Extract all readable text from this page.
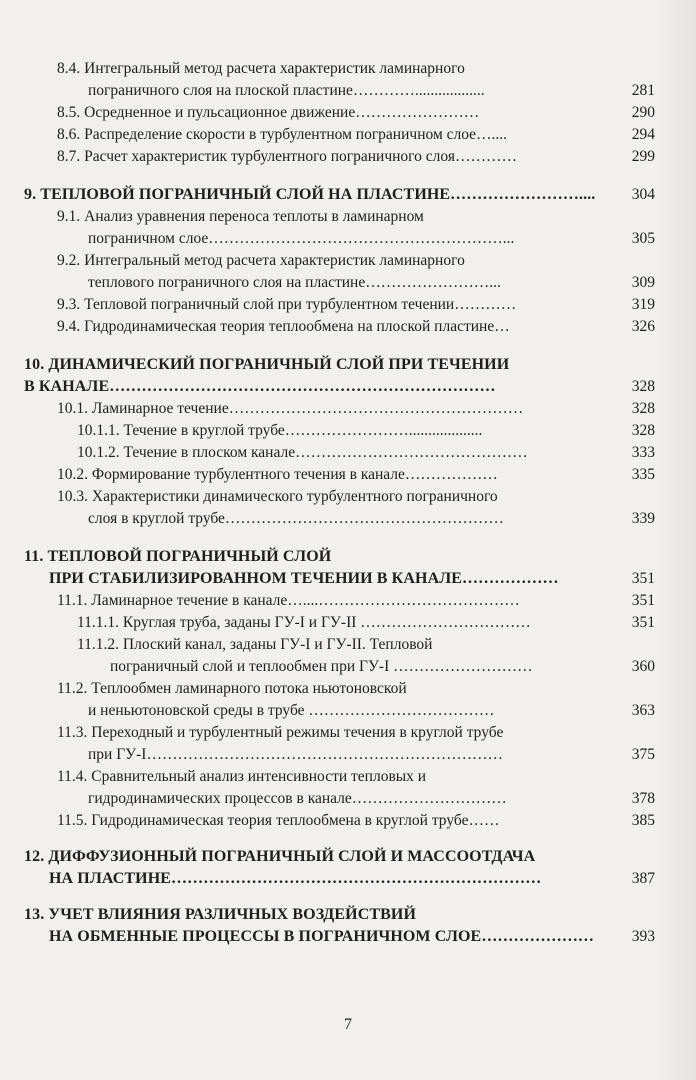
8.4. Интегральный метод расчета характеристик ламинарного
пограничного слоя на плоской пластине…………..................	281
8.5. Осредненное и пульсационное движение……………………	290
8.6. Распределение скорости в турбулентном пограничном слое…....	294
8.7. Расчет характеристик турбулентного пограничного слоя…………	299
9. ТЕПЛОВОЙ ПОГРАНИЧНЫЙ СЛОЙ НА ПЛАСТИНЕ……………………....	304
9.1. Анализ уравнения переноса теплоты в ламинарном
пограничном слое…………………………………………………...	305
9.2. Интегральный метод расчета характеристик ламинарного
теплового пограничного слоя на пластине……………………...	309
9.3. Тепловой пограничный слой при турбулентном течении…………	319
9.4. Гидродинамическая теория теплообмена на плоской пластине…	326
10. ДИНАМИЧЕСКИЙ ПОГРАНИЧНЫЙ СЛОЙ ПРИ ТЕЧЕНИИ
В КАНАЛЕ………………………………………………………………	328
10.1. Ламинарное течение…………………………………………………	328
10.1.1. Течение в круглой трубе……………………...................	328
10.1.2. Течение в плоском канале………………………………………	333
10.2. Формирование турбулентного течения в канале………………	335
10.3. Характеристики динамического турбулентного пограничного
слоя в круглой трубе………………………………………………	339
11. ТЕПЛОВОЙ ПОГРАНИЧНЫЙ СЛОЙ
ПРИ СТАБИЛИЗИРОВАННОМ ТЕЧЕНИИ В КАНАЛЕ………………	351
11.1. Ламинарное течение в канале…....…………………………………	351
11.1.1. Круглая труба, заданы ГУ-I и ГУ-II ……………………………	351
11.1.2. Плоский канал, заданы ГУ-I и ГУ-II. Тепловой
пограничный слой и теплообмен при ГУ-I ………………………	360
11.2. Теплообмен ламинарного потока ньютоновской
и неньютоновской среды в трубе ………………………………	363
11.3. Переходный и турбулентный режимы течения в круглой трубе
при ГУ-I……………………………………………………………	375
11.4. Сравнительный анализ интенсивности тепловых и
гидродинамических процессов в канале…………………………	378
11.5. Гидродинамическая теория теплообмена в круглой трубе……	385
12. ДИФФУЗИОННЫЙ ПОГРАНИЧНЫЙ СЛОЙ И МАССООТДАЧА
НА ПЛАСТИНЕ……………………………………………………………	387
13. УЧЕТ ВЛИЯНИЯ РАЗЛИЧНЫХ ВОЗДЕЙСТВИЙ
НА ОБМЕННЫЕ ПРОЦЕССЫ В ПОГРАНИЧНОМ СЛОЕ…………………	393
7
